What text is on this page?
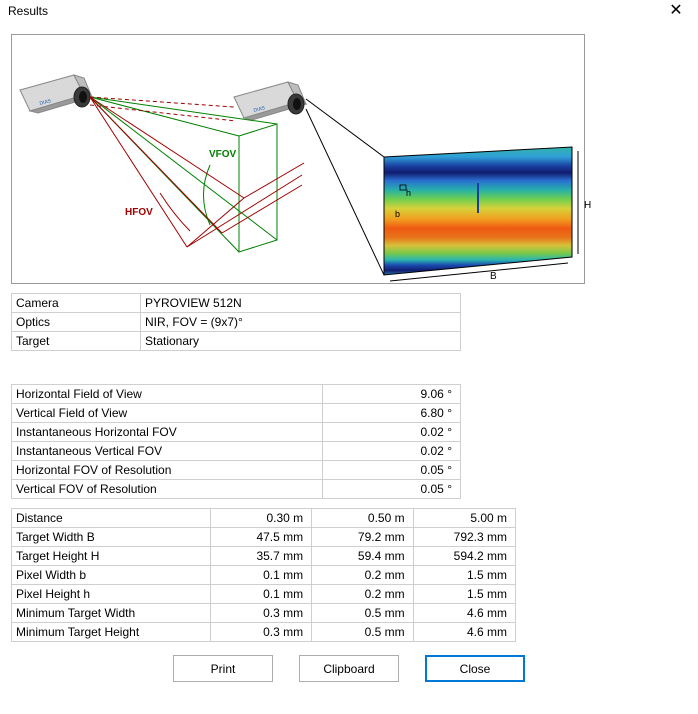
Results	✕
DIAS
DIAS
VFOV
HFOV
h
b
H
B
Camera	PYROVIEW 512N
Optics	NIR, FOV = (9x7)°
Target	Stationary
Horizontal Field of View	9.06 °
Vertical Field of View	6.80 °
Instantaneous Horizontal FOV	0.02 °
Instantaneous Vertical FOV	0.02 °
Horizontal FOV of Resolution	0.05 °
Vertical FOV of Resolution	0.05 °
Distance	0.30 m	0.50 m	5.00 m
Target Width B	47.5 mm	79.2 mm	792.3 mm
Target Height H	35.7 mm	59.4 mm	594.2 mm
Pixel Width b	0.1 mm	0.2 mm	1.5 mm
Pixel Height h	0.1 mm	0.2 mm	1.5 mm
Minimum Target Width	0.3 mm	0.5 mm	4.6 mm
Minimum Target Height	0.3 mm	0.5 mm	4.6 mm
Print	Clipboard	Close
